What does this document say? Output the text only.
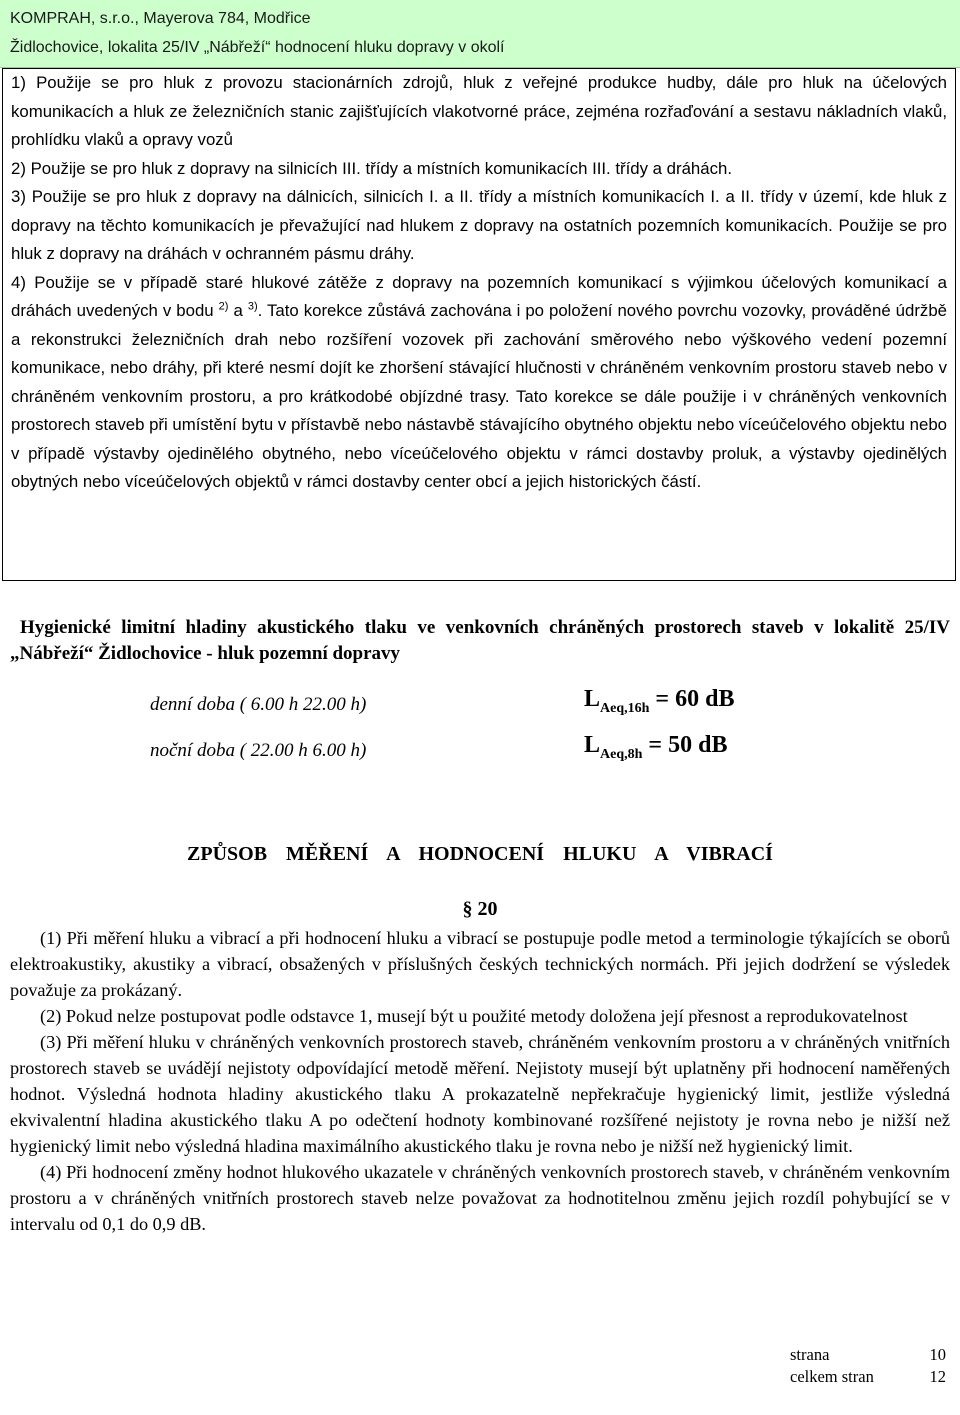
KOMPRAH, s.r.o., Mayerova 784, Modřice
Židlochovice, lokalita 25/IV „Nábřeží“ hodnocení hluku dopravy v okolí

1) Použije se pro hluk z provozu stacionárních zdrojů, hluk z veřejné produkce hudby, dále pro hluk na účelových komunikacích a hluk ze železničních stanic zajišťujících vlakotvorné práce, zejména rozřaďování a sestavu nákladních vlaků, prohlídku vlaků a opravy vozů

2) Použije se pro hluk z dopravy na silnicích III. třídy a místních komunikacích III. třídy a dráhách.

3) Použije se pro hluk z dopravy na dálnicích, silnicích I. a II. třídy a místních komunikacích I. a II. třídy v území, kde hluk z dopravy na těchto komunikacích je převažující nad hlukem z dopravy na ostatních pozemních komunikacích. Použije se pro hluk z dopravy na dráhách v ochranném pásmu dráhy.

4) Použije se v případě staré hlukové zátěže z dopravy na pozemních komunikací s výjimkou účelových komunikací a dráhách uvedených v bodu $^{2)}$ a $^{3)}$. Tato korekce zůstává zachována i po položení nového povrchu vozovky, prováděné údržbě a rekonstrukci železničních drah nebo rozšíření vozovek při zachování směrového nebo výškového vedení pozemní komunikace, nebo dráhy, při které nesmí dojít ke zhoršení stávající hlučnosti v chráněném venkovním prostoru staveb nebo v chráněném venkovním prostoru, a pro krátkodobé objízdné trasy. Tato korekce se dále použije i v chráněných venkovních prostorech staveb při umístění bytu v přístavbě nebo nástavbě stávajícího obytného objektu nebo víceúčelového objektu nebo v případě výstavby ojedinělého obytného, nebo víceúčelového objektu v rámci dostavby proluk, a výstavby ojedinělých obytných nebo víceúčelových objektů v rámci dostavby center obcí a jejich historických částí.

Hygienické limitní hladiny akustického tlaku ve venkovních chráněných prostorech staveb v lokalitě 25/IV „Nábřeží“ Židlochovice - hluk pozemní dopravy
denní doba ( 6.00 h 22.00 h)	$L_{Aeq,16h} = 60$ dB
noční doba ( 22.00 h 6.00 h)	$L_{Aeq,8h} = 50$ dB
ZPŮSOB MĚŘENÍ A HODNOCENÍ HLUKU A VIBRACÍ
§ 20

(1) Při měření hluku a vibrací a při hodnocení hluku a vibrací se postupuje podle metod a terminologie týkajících se oborů elektroakustiky, akustiky a vibrací, obsažených v příslušných českých technických normách. Při jejich dodržení se výsledek považuje za prokázaný.

(2) Pokud nelze postupovat podle odstavce 1, musejí být u použité metody doložena její přesnost a reprodukovatelnost

(3) Při měření hluku v chráněných venkovních prostorech staveb, chráněném venkovním prostoru a v chráněných vnitřních prostorech staveb se uvádějí nejistoty odpovídající metodě měření. Nejistoty musejí být uplatněny při hodnocení naměřených hodnot. Výsledná hodnota hladiny akustického tlaku A prokazatelně nepřekračuje hygienický limit, jestliže výsledná ekvivalentní hladina akustického tlaku A po odečtení hodnoty kombinované rozšířené nejistoty je rovna nebo je nižší než hygienický limit nebo výsledná hladina maximálního akustického tlaku je rovna nebo je nižší než hygienický limit.

(4) Při hodnocení změny hodnot hlukového ukazatele v chráněných venkovních prostorech staveb, v chráněném venkovním prostoru a v chráněných vnitřních prostorech staveb nelze považovat za hodnotitelnou změnu jejich rozdíl pohybující se v intervalu od 0,1 do 0,9 dB.

strana	10
celkem stran	12
